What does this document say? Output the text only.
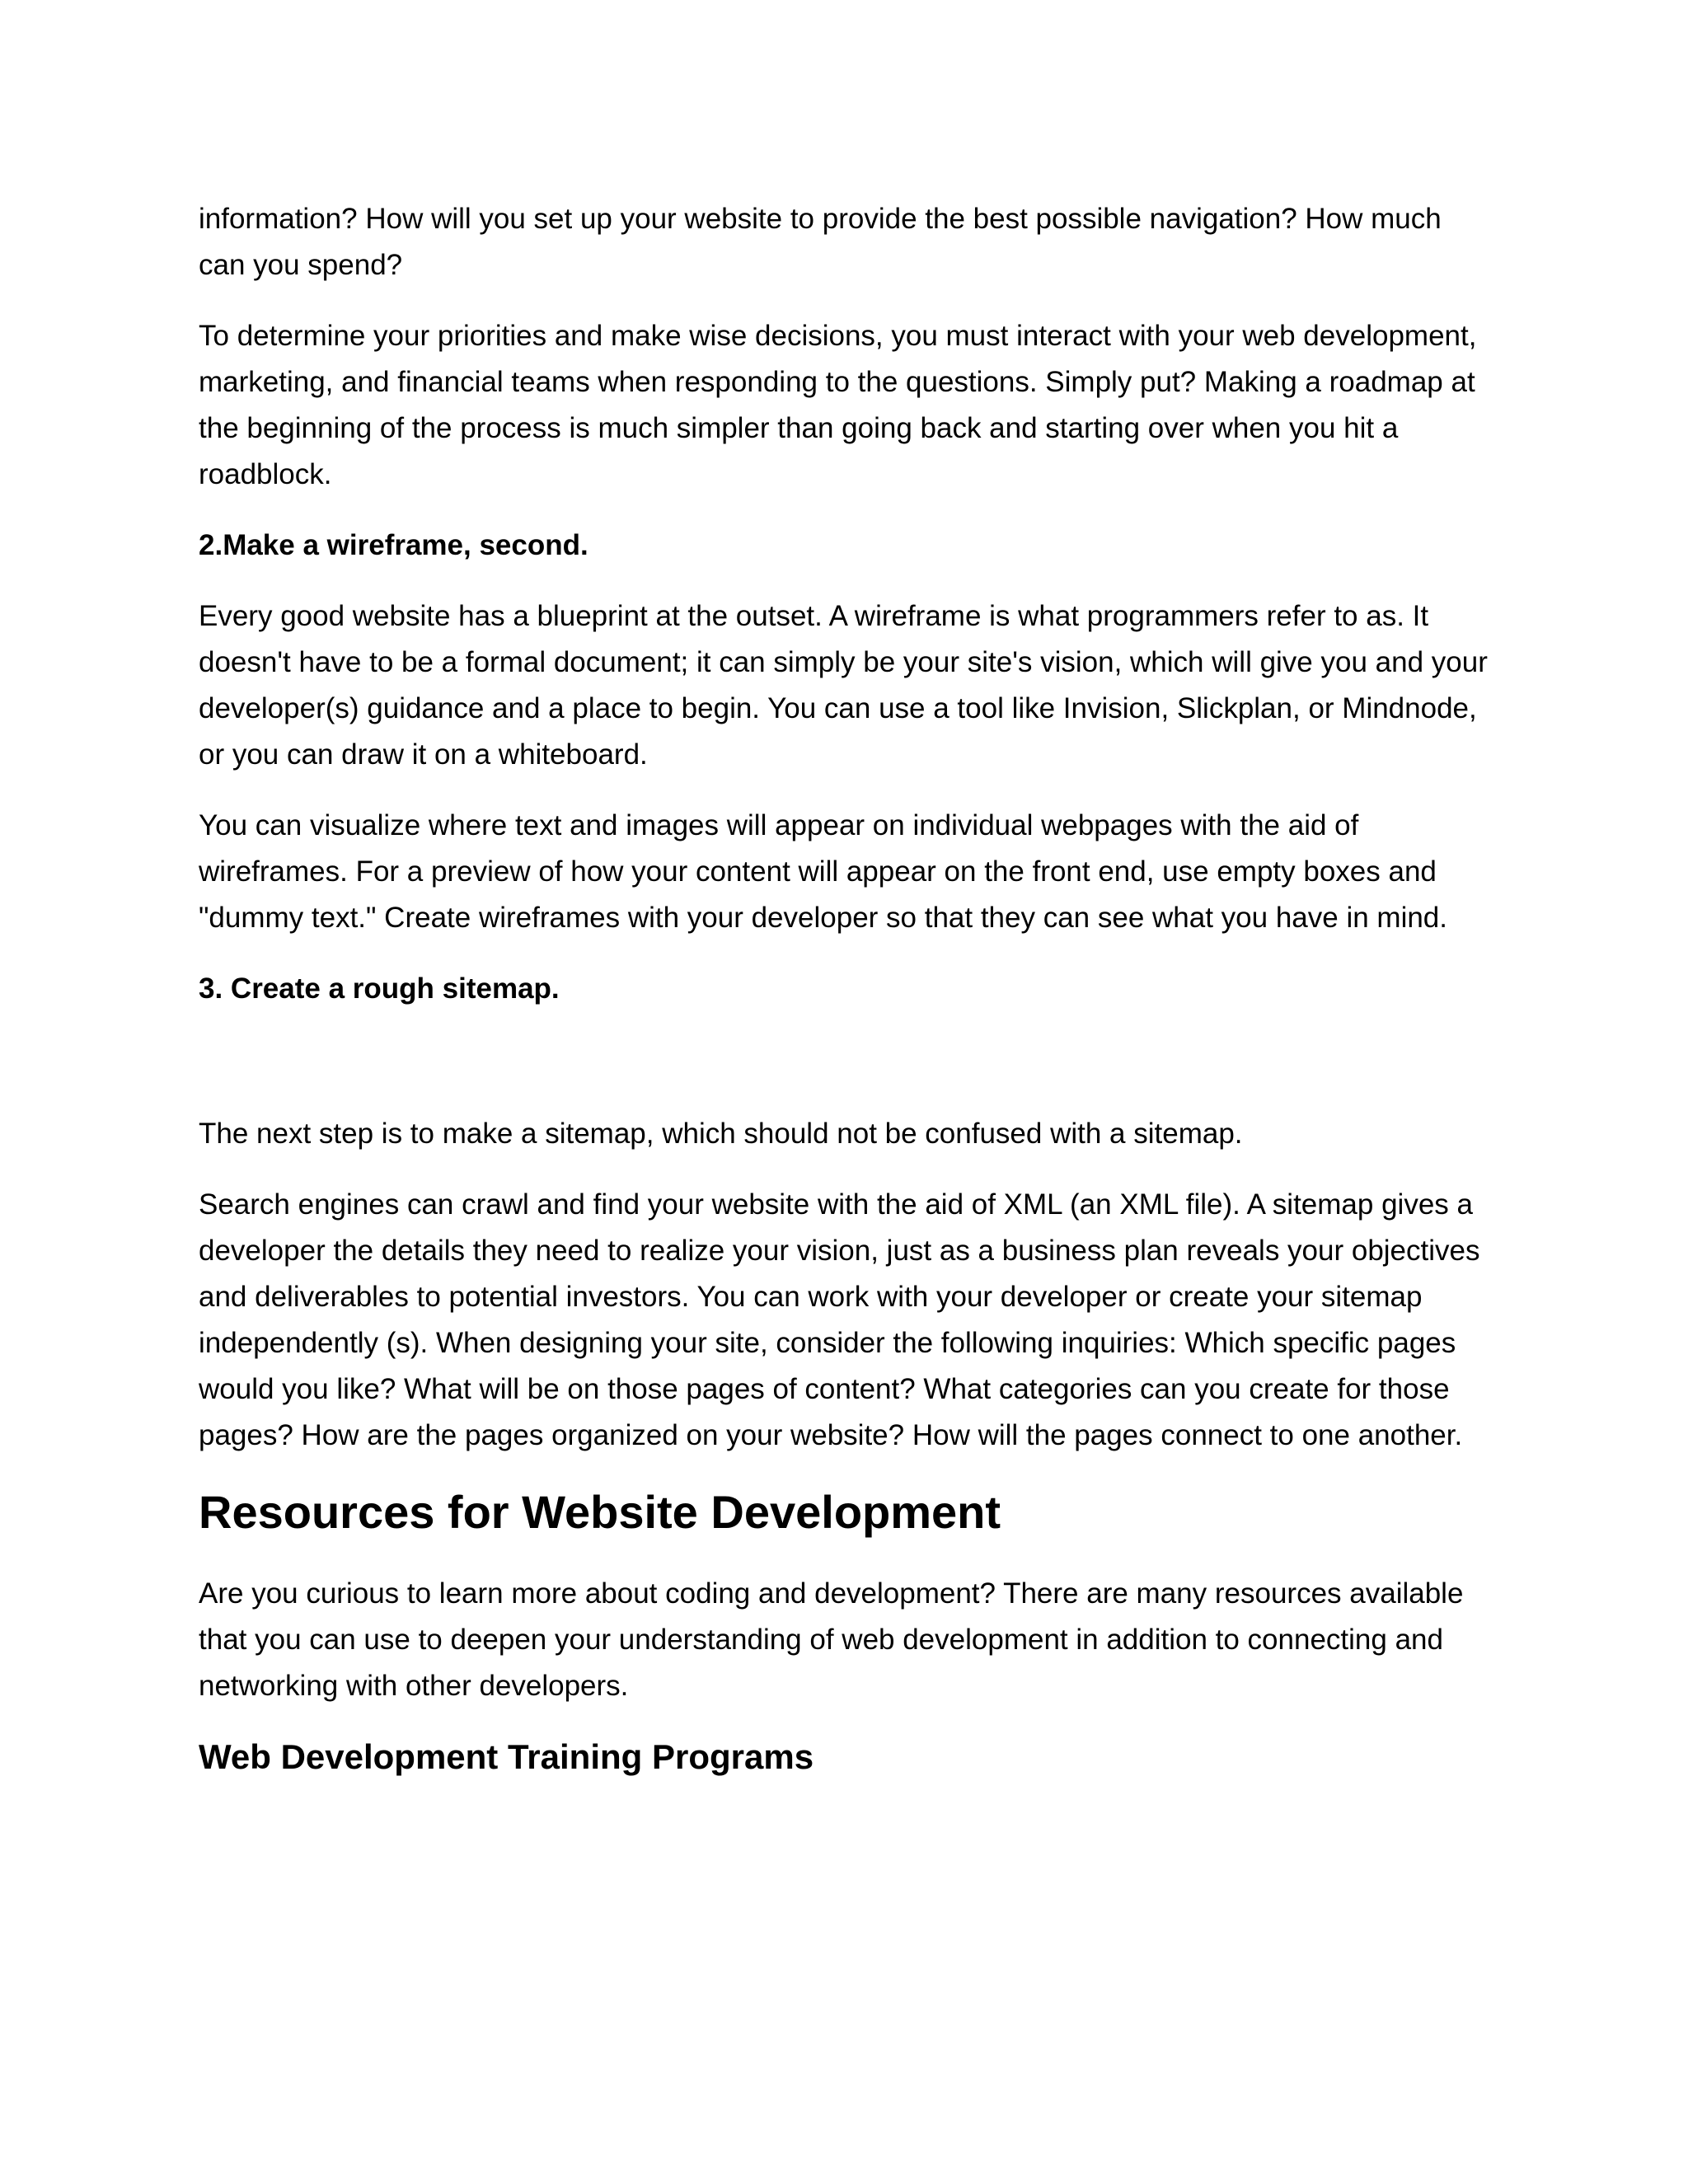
information? How will you set up your website to provide the best possible navigation? How much can you spend?

To determine your priorities and make wise decisions, you must interact with your web development, marketing, and financial teams when responding to the questions. Simply put? Making a roadmap at the beginning of the process is much simpler than going back and starting over when you hit a roadblock.

2.Make a wireframe, second.

Every good website has a blueprint at the outset. A wireframe is what programmers refer to as. It doesn't have to be a formal document; it can simply be your site's vision, which will give you and your developer(s) guidance and a place to begin. You can use a tool like Invision, Slickplan, or Mindnode, or you can draw it on a whiteboard.

You can visualize where text and images will appear on individual webpages with the aid of wireframes. For a preview of how your content will appear on the front end, use empty boxes and "dummy text." Create wireframes with your developer so that they can see what you have in mind.

3. Create a rough sitemap.

The next step is to make a sitemap, which should not be confused with a sitemap.

Search engines can crawl and find your website with the aid of XML (an XML file). A sitemap gives a developer the details they need to realize your vision, just as a business plan reveals your objectives and deliverables to potential investors. You can work with your developer or create your sitemap independently (s). When designing your site, consider the following inquiries: Which specific pages would you like? What will be on those pages of content? What categories can you create for those pages? How are the pages organized on your website? How will the pages connect to one another.

Resources for Website Development

Are you curious to learn more about coding and development? There are many resources available that you can use to deepen your understanding of web development in addition to connecting and networking with other developers.

Web Development Training Programs
